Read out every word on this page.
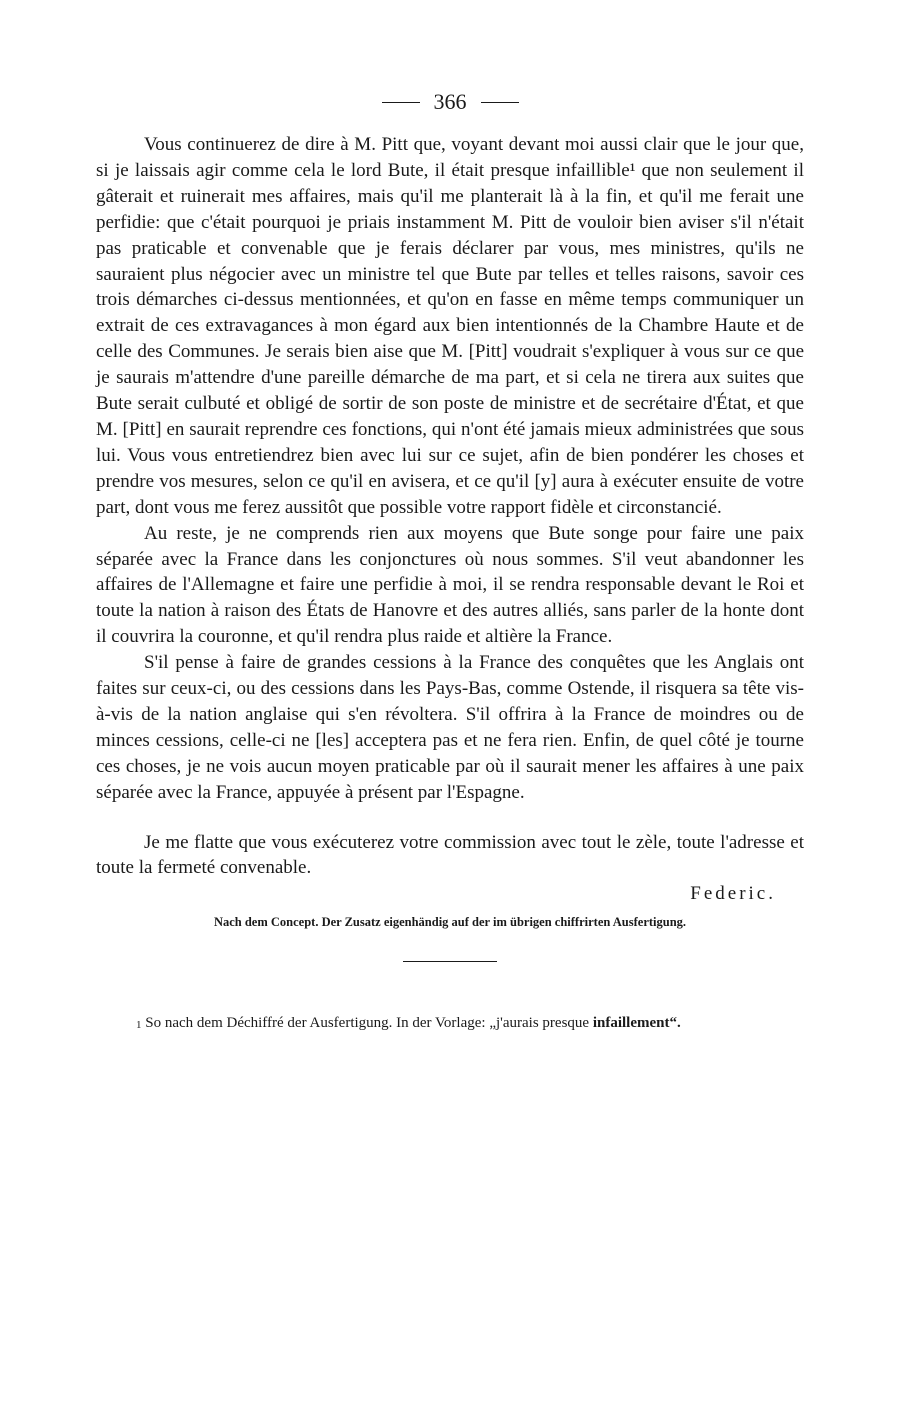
366

Vous continuerez de dire à M. Pitt que, voyant devant moi aussi clair que le jour que, si je laissais agir comme cela le lord Bute, il était presque infaillible¹ que non seulement il gâterait et ruinerait mes affaires, mais qu'il me planterait là à la fin, et qu'il me ferait une perfidie: que c'était pourquoi je priais instamment M. Pitt de vouloir bien aviser s'il n'était pas praticable et convenable que je ferais déclarer par vous, mes ministres, qu'ils ne sauraient plus négocier avec un ministre tel que Bute par telles et telles raisons, savoir ces trois démarches ci-dessus mentionnées, et qu'on en fasse en même temps communiquer un extrait de ces extravagances à mon égard aux bien intentionnés de la Chambre Haute et de celle des Communes. Je serais bien aise que M. [Pitt] voudrait s'expliquer à vous sur ce que je saurais m'attendre d'une pareille démarche de ma part, et si cela ne tirera aux suites que Bute serait culbuté et obligé de sortir de son poste de ministre et de secrétaire d'État, et que M. [Pitt] en saurait reprendre ces fonctions, qui n'ont été jamais mieux administrées que sous lui. Vous vous entretiendrez bien avec lui sur ce sujet, afin de bien pondérer les choses et prendre vos mesures, selon ce qu'il en avisera, et ce qu'il [y] aura à exécuter ensuite de votre part, dont vous me ferez aussitôt que possible votre rapport fidèle et circonstancié.

Au reste, je ne comprends rien aux moyens que Bute songe pour faire une paix séparée avec la France dans les conjonctures où nous sommes. S'il veut abandonner les affaires de l'Allemagne et faire une perfidie à moi, il se rendra responsable devant le Roi et toute la nation à raison des États de Hanovre et des autres alliés, sans parler de la honte dont il couvrira la couronne, et qu'il rendra plus raide et altière la France.

S'il pense à faire de grandes cessions à la France des conquêtes que les Anglais ont faites sur ceux-ci, ou des cessions dans les Pays-Bas, comme Ostende, il risquera sa tête vis-à-vis de la nation anglaise qui s'en révoltera. S'il offrira à la France de moindres ou de minces cessions, celle-ci ne [les] acceptera pas et ne fera rien. Enfin, de quel côté je tourne ces choses, je ne vois aucun moyen praticable par où il saurait mener les affaires à une paix séparée avec la France, appuyée à présent par l'Espagne.

Je me flatte que vous exécuterez votre commission avec tout le zèle, toute l'adresse et toute la fermeté convenable.

Federic.
Nach dem Concept. Der Zusatz eigenhändig auf der im übrigen chiffrirten Ausfertigung.
$^1$ So nach dem Déchiffré der Ausfertigung. In der Vorlage: „j'aurais presque infaillement“.
